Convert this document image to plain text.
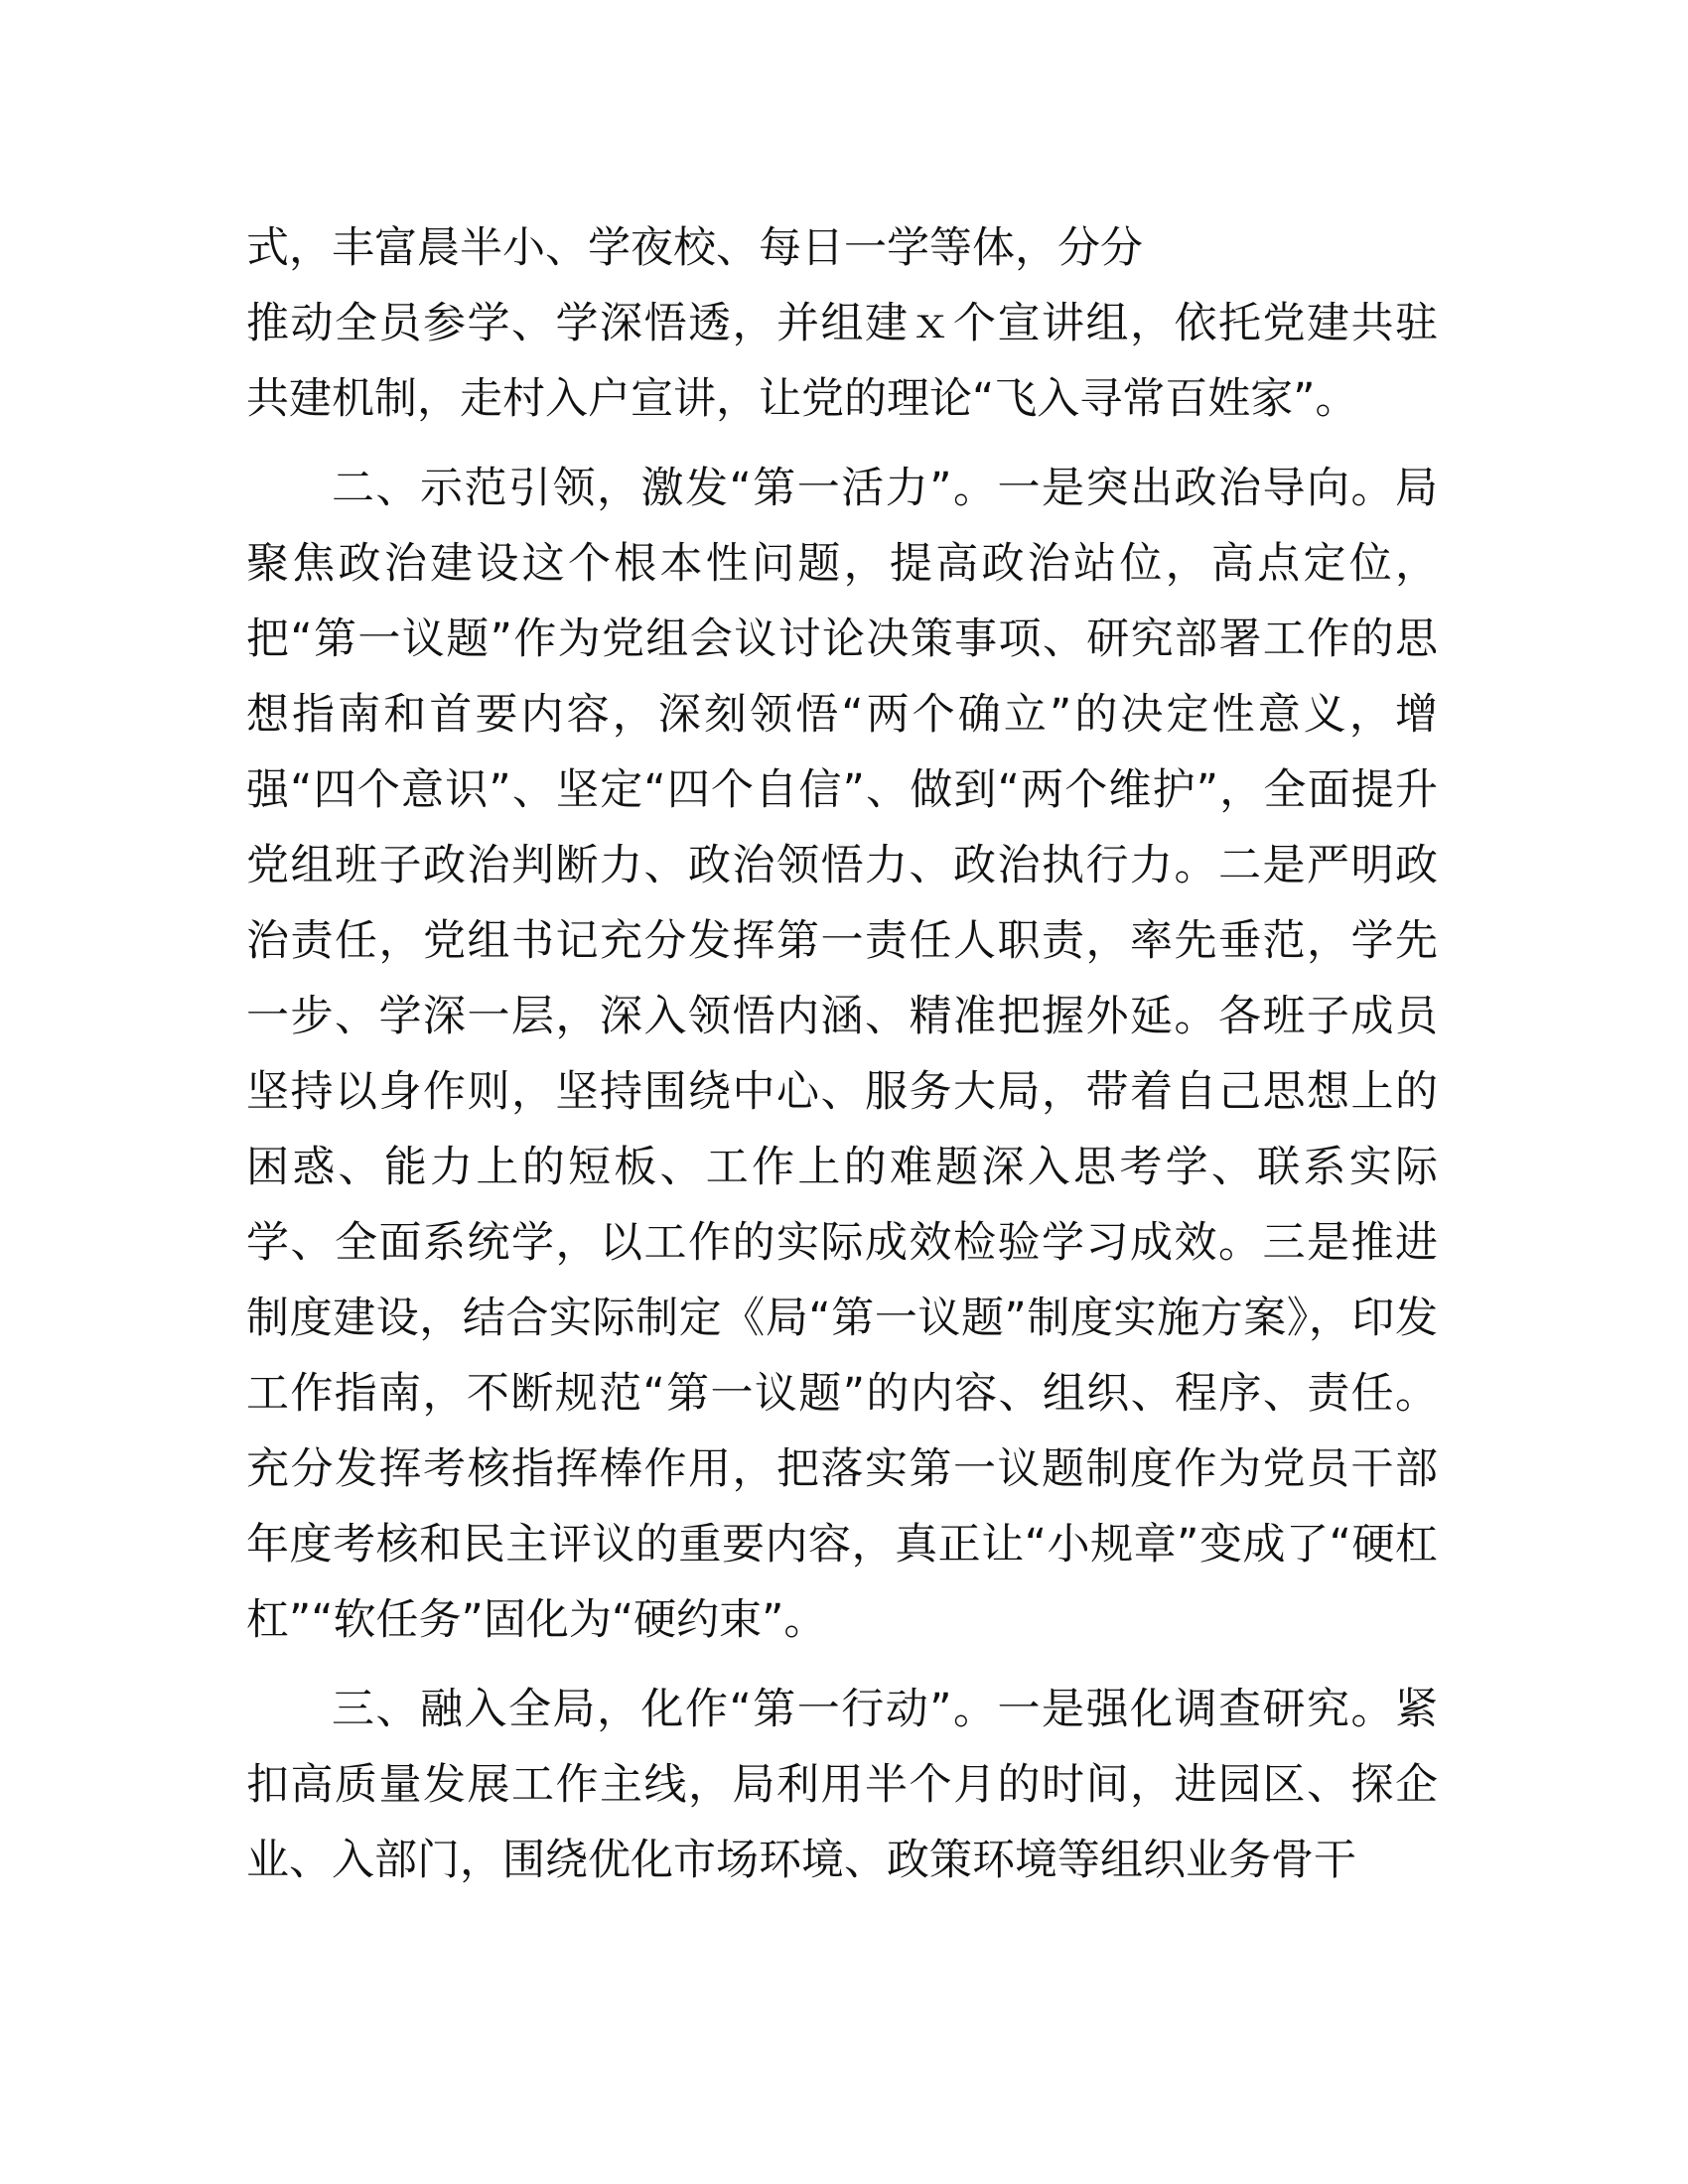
式，丰富晨半小、学夜校、每日一学等体，分分
推动全员参学、学深悟透，并组建ｘ个宣讲组，依托党建共驻共建机制，走村入户宣讲，让党的理论“飞入寻常百姓家”。

二、示范引领，激发“第一活力”。一是突出政治导向。局聚焦政治建设这个根本性问题，提高政治站位，高点定位，把“第一议题”作为党组会议讨论决策事项、研究部署工作的思想指南和首要内容，深刻领悟“两个确立”的决定性意义，增强“四个意识”、坚定“四个自信”、做到“两个维护”，全面提升党组班子政治判断力、政治领悟力、政治执行力。二是严明政治责任，党组书记充分发挥第一责任人职责，率先垂范，学先一步、学深一层，深入领悟内涵、精准把握外延。各班子成员坚持以身作则，坚持围绕中心、服务大局，带着自己思想上的困惑、能力上的短板、工作上的难题深入思考学、联系实际学、全面系统学，以工作的实际成效检验学习成效。三是推进制度建设，结合实际制定《局“第一议题”制度实施方案》，印发工作指南，不断规范“第一议题”的内容、组织、程序、责任。充分发挥考核指挥棒作用，把落实第一议题制度作为党员干部年度考核和民主评议的重要内容，真正让“小规章”变成了“硬杠杠”“软任务”固化为“硬约束”。

三、融入全局，化作“第一行动”。一是强化调查研究。紧扣高质量发展工作主线，局利用半个月的时间，进园区、探企业、入部门，围绕优化市场环境、政策环境等组织业务骨干
